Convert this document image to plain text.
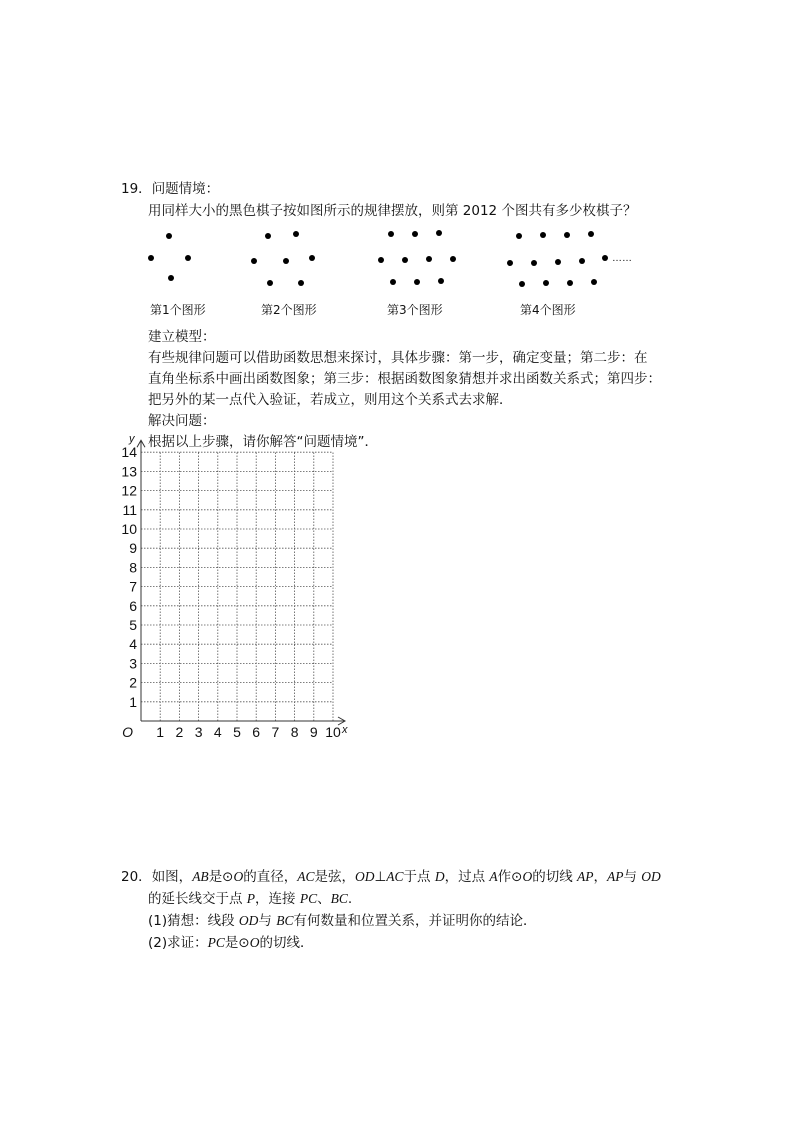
19．问题情境：
用同样大小的黑色棋子按如图所示的规律摆放，则第 2012 个图共有多少枚棋子？
……
第1个图形	第2个图形	第3个图形	第4个图形
建立模型：
有些规律问题可以借助函数思想来探讨，具体步骤：第一步，确定变量；第二步：在
直角坐标系中画出函数图象；第三步：根据函数图象猜想并求出函数关系式；第四步：
把另外的某一点代入验证，若成立，则用这个关系式去求解．
解决问题：
根据以上步骤，请你解答“问题情境”．
1 2 3 4 5 6 7 8 9 10
1
2
3
4
5
6
7
8
9
10
11
12
13
14
O	x
y
20．如图，AB是⊙O的直径，AC是弦，OD⊥AC于点 D，过点 A作⊙O的切线 AP，AP与 OD
的延长线交于点 P，连接 PC、BC.
(1)猜想：线段 OD与 BC有何数量和位置关系，并证明你的结论．
(2)求证：PC是⊙O的切线．
